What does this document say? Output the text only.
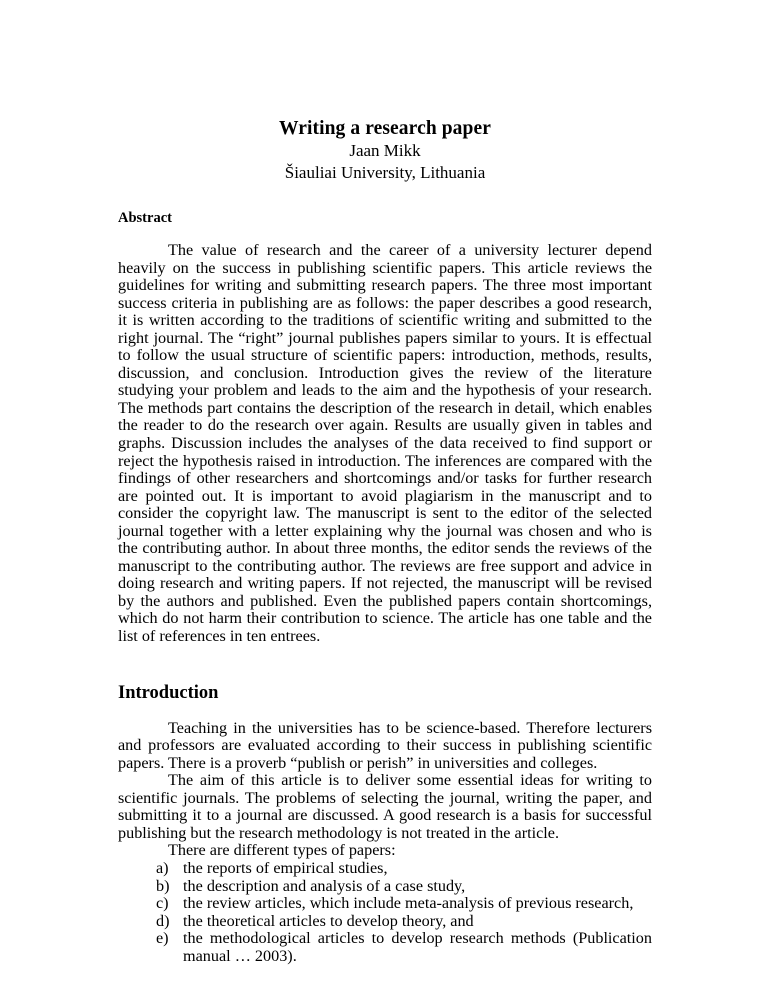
Writing a research paper
Jaan Mikk
Šiauliai University, Lithuania
Abstract

The value of research and the career of a university lecturer depend heavily on the success in publishing scientific papers. This article reviews the guidelines for writing and submitting research papers. The three most important success criteria in publishing are as follows: the paper describes a good research, it is written according to the traditions of scientific writing and submitted to the right journal. The “right” journal publishes papers similar to yours. It is effectual to follow the usual structure of scientific papers: introduction, methods, results, discussion, and conclusion. Introduction gives the review of the literature studying your problem and leads to the aim and the hypothesis of your research. The methods part contains the description of the research in detail, which enables the reader to do the research over again. Results are usually given in tables and graphs. Discussion includes the analyses of the data received to find support or reject the hypothesis raised in introduction. The inferences are compared with the findings of other researchers and shortcomings and/or tasks for further research are pointed out. It is important to avoid plagiarism in the manuscript and to consider the copyright law. The manuscript is sent to the editor of the selected journal together with a letter explaining why the journal was chosen and who is the contributing author. In about three months, the editor sends the reviews of the manuscript to the contributing author. The reviews are free support and advice in doing research and writing papers. If not rejected, the manuscript will be revised by the authors and published. Even the published papers contain shortcomings, which do not harm their contribution to science. The article has one table and the list of references in ten entrees.

Introduction

Teaching in the universities has to be science-based. Therefore lecturers and professors are evaluated according to their success in publishing scientific papers. There is a proverb “publish or perish” in universities and colleges.

The aim of this article is to deliver some essential ideas for writing to scientific journals. The problems of selecting the journal, writing the paper, and submitting it to a journal are discussed. A good research is a basis for successful publishing but the research methodology is not treated in the article.

There are different types of papers:

a) the reports of empirical studies,
b) the description and analysis of a case study,
c) the review articles, which include meta-analysis of previous research,
d) the theoretical articles to develop theory, and
e) the methodological articles to develop research methods (Publication manual … 2003).
